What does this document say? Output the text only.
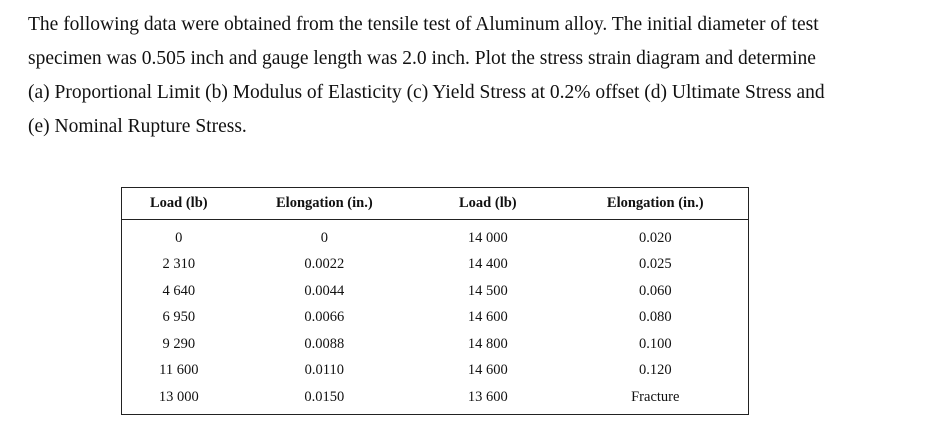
The following data were obtained from the tensile test of Aluminum alloy. The initial diameter of test
specimen was 0.505 inch and gauge length was 2.0 inch. Plot the stress strain diagram and determine
(a) Proportional Limit (b) Modulus of Elasticity (c) Yield Stress at 0.2% offset (d) Ultimate Stress and
(e) Nominal Rupture Stress.
Load (lb)	Elongation (in.)	Load (lb)	Elongation (in.)
0	0	14 000	0.020
2 310	0.0022	14 400	0.025
4 640	0.0044	14 500	0.060
6 950	0.0066	14 600	0.080
9 290	0.0088	14 800	0.100
11 600	0.0110	14 600	0.120
13 000	0.0150	13 600	Fracture
